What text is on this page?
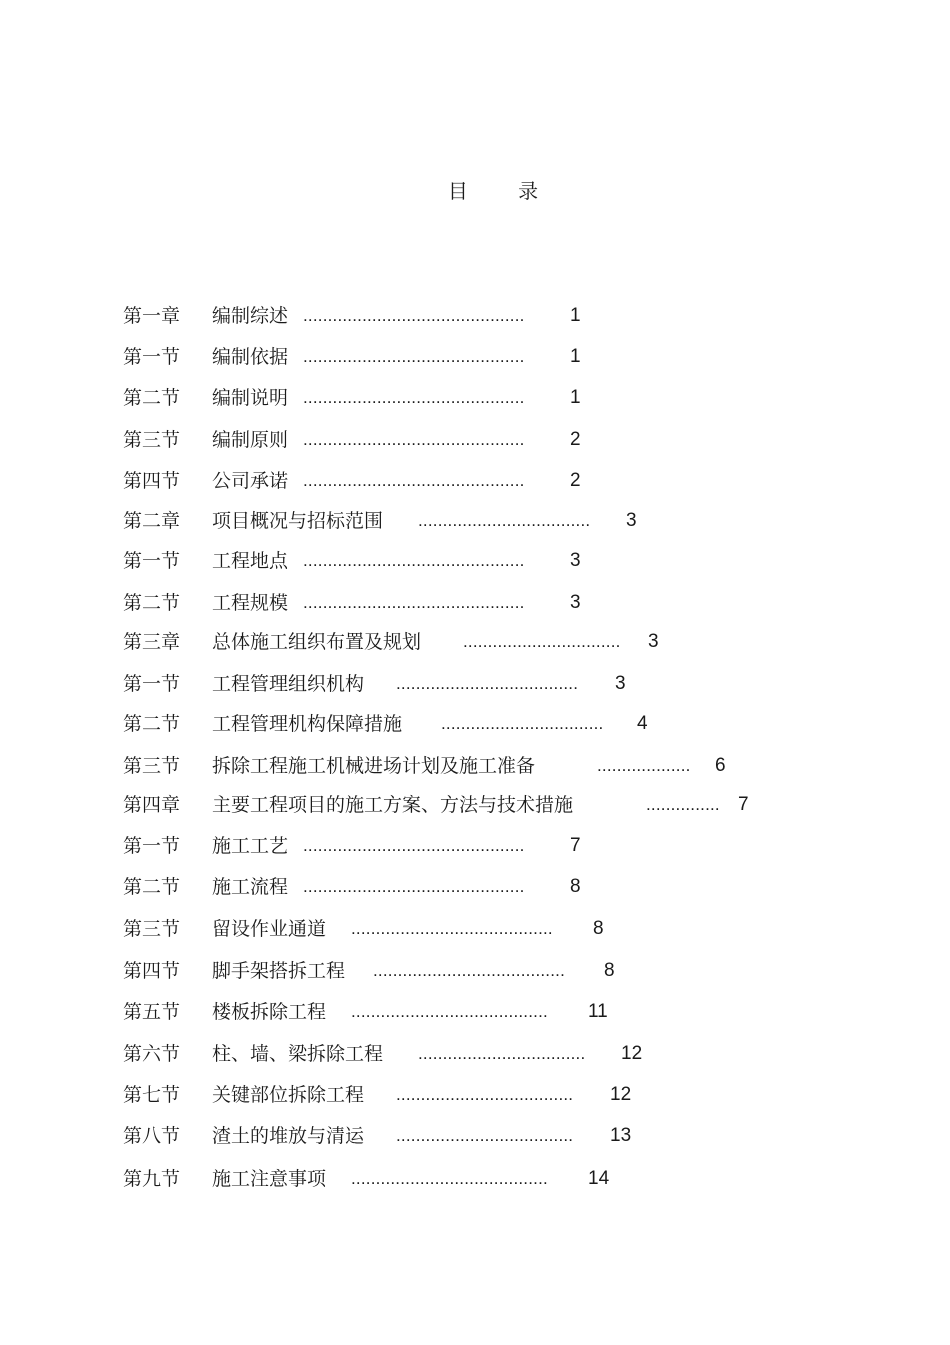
目 录
第一章 编制综述 ............................................. 1
第一节 编制依据 ............................................. 1
第二节 编制说明 ............................................. 1
第三节 编制原则 ............................................. 2
第四节 公司承诺 ............................................. 2
第二章 项目概况与招标范围 ................................... 3
第一节 工程地点 ............................................. 3
第二节 工程规模 ............................................. 3
第三章 总体施工组织布置及规划 ................................ 3
第一节 工程管理组织机构 ..................................... 3
第二节 工程管理机构保障措施 ................................. 4
第三节 拆除工程施工机械进场计划及施工准备	................... 6
第四章 主要工程项目的施工方案、方法与技术措施	............... 7
第一节 施工工艺 ............................................. 7
第二节 施工流程 ............................................. 8
第三节 留设作业通道 ......................................... 8
第四节 脚手架搭拆工程 ....................................... 8
第五节 楼板拆除工程 ........................................ 11
第六节 柱、墙、梁拆除工程 .................................. 12
第七节 关键部位拆除工程 .................................... 12
第八节 渣土的堆放与清运 .................................... 13
第九节 施工注意事项 ........................................ 14
